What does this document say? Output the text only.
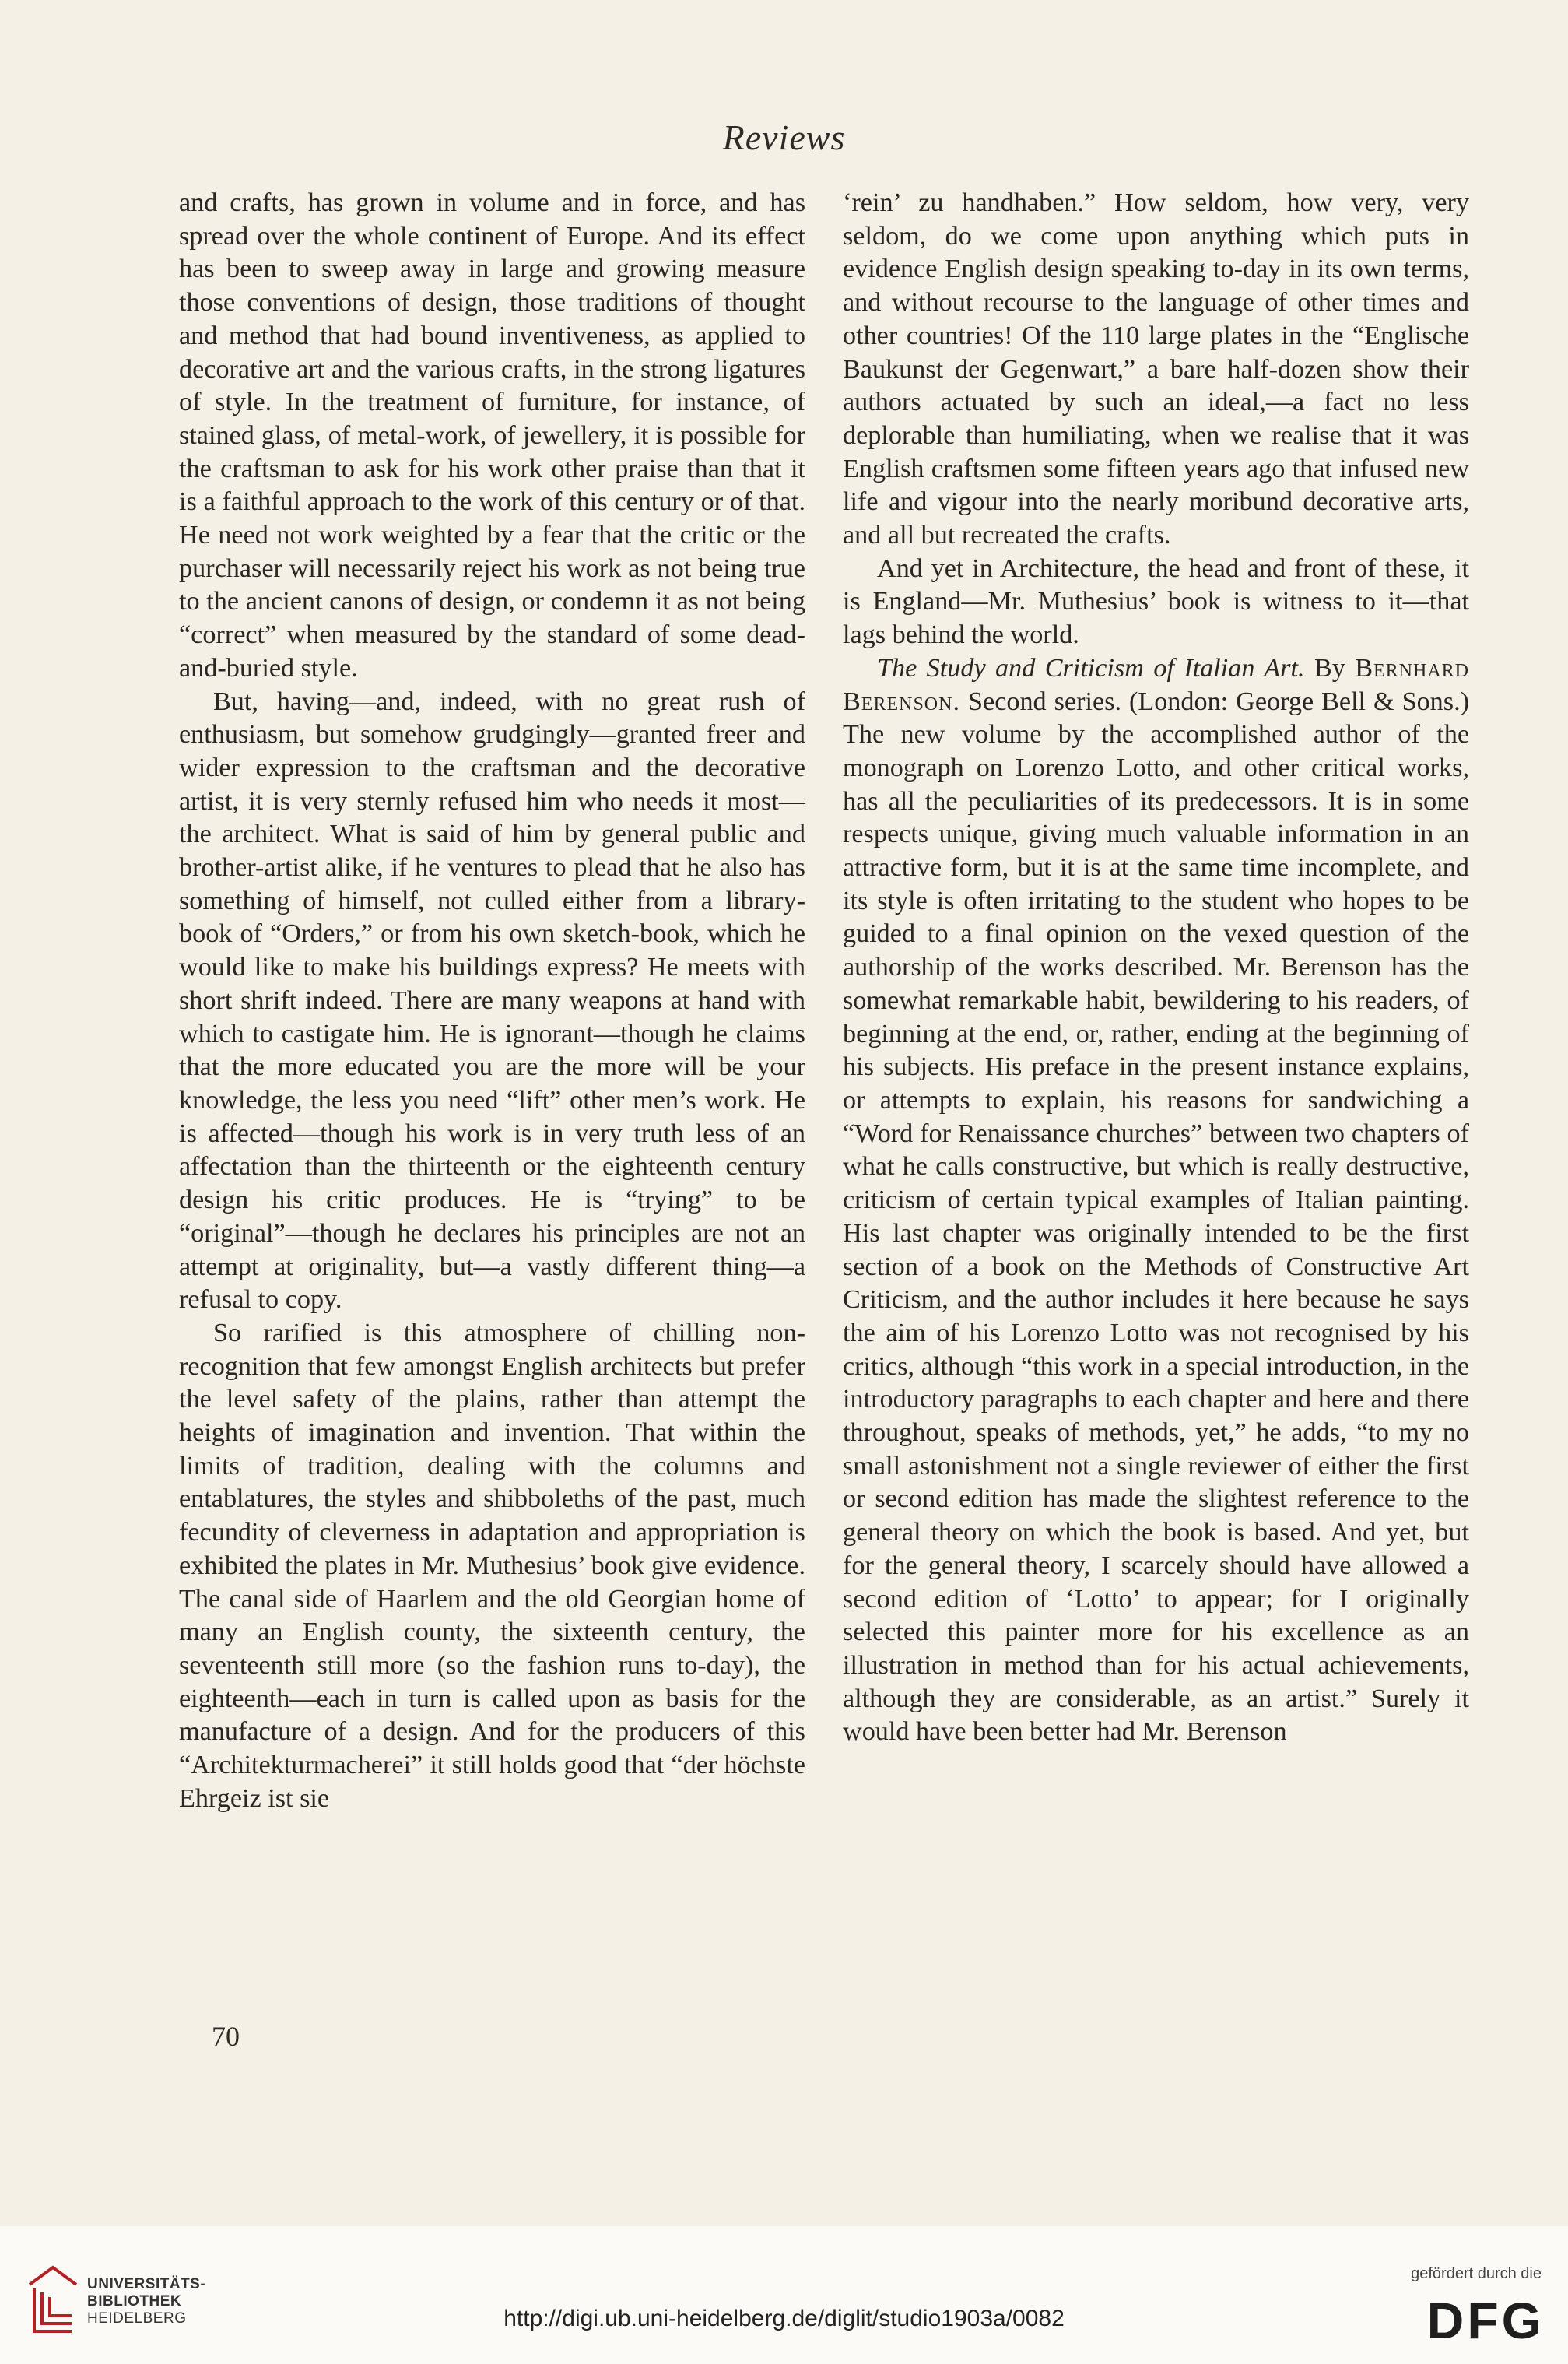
Reviews

and crafts, has grown in volume and in force, and has spread over the whole continent of Europe. And its effect has been to sweep away in large and growing measure those conventions of design, those traditions of thought and method that had bound inventiveness, as applied to decorative art and the various crafts, in the strong ligatures of style. In the treatment of furniture, for instance, of stained glass, of metal-work, of jewellery, it is possible for the craftsman to ask for his work other praise than that it is a faithful approach to the work of this century or of that. He need not work weighted by a fear that the critic or the purchaser will necessarily reject his work as not being true to the ancient canons of design, or condemn it as not being “correct” when measured by the standard of some dead-and-buried style.

But, having—and, indeed, with no great rush of enthusiasm, but somehow grudgingly—granted freer and wider expression to the craftsman and the decorative artist, it is very sternly refused him who needs it most—the architect. What is said of him by general public and brother-artist alike, if he ventures to plead that he also has something of himself, not culled either from a library-book of “Orders,” or from his own sketch-book, which he would like to make his buildings express? He meets with short shrift indeed. There are many weapons at hand with which to castigate him. He is ignorant—though he claims that the more educated you are the more will be your knowledge, the less you need “lift” other men’s work. He is affected—though his work is in very truth less of an affectation than the thirteenth or the eighteenth century design his critic produces. He is “trying” to be “original”—though he declares his principles are not an attempt at originality, but—a vastly different thing—a refusal to copy.

So rarified is this atmosphere of chilling non-recognition that few amongst English architects but prefer the level safety of the plains, rather than attempt the heights of imagination and invention. That within the limits of tradition, dealing with the columns and entablatures, the styles and shibboleths of the past, much fecundity of cleverness in adaptation and appropriation is exhibited the plates in Mr. Muthesius’ book give evidence. The canal side of Haarlem and the old Georgian home of many an English county, the sixteenth century, the seventeenth still more (so the fashion runs to-day), the eighteenth—each in turn is called upon as basis for the manufacture of a design. And for the producers of this “Architekturmacherei” it still holds good that “der höchste Ehrgeiz ist sie

‘rein’ zu handhaben.” How seldom, how very, very seldom, do we come upon anything which puts in evidence English design speaking to-day in its own terms, and without recourse to the language of other times and other countries! Of the 110 large plates in the “Englische Baukunst der Gegenwart,” a bare half-dozen show their authors actuated by such an ideal,—a fact no less deplorable than humiliating, when we realise that it was English craftsmen some fifteen years ago that infused new life and vigour into the nearly moribund decorative arts, and all but recreated the crafts.

And yet in Architecture, the head and front of these, it is England—Mr. Muthesius’ book is witness to it—that lags behind the world.

The Study and Criticism of Italian Art. By Bernhard Berenson. Second series. (London: George Bell & Sons.) The new volume by the accomplished author of the monograph on Lorenzo Lotto, and other critical works, has all the peculiarities of its predecessors. It is in some respects unique, giving much valuable information in an attractive form, but it is at the same time incomplete, and its style is often irritating to the student who hopes to be guided to a final opinion on the vexed question of the authorship of the works described. Mr. Berenson has the somewhat remarkable habit, bewildering to his readers, of beginning at the end, or, rather, ending at the beginning of his subjects. His preface in the present instance explains, or attempts to explain, his reasons for sandwiching a “Word for Renaissance churches” between two chapters of what he calls constructive, but which is really destructive, criticism of certain typical examples of Italian painting. His last chapter was originally intended to be the first section of a book on the Methods of Constructive Art Criticism, and the author includes it here because he says the aim of his Lorenzo Lotto was not recognised by his critics, although “this work in a special introduction, in the introductory paragraphs to each chapter and here and there throughout, speaks of methods, yet,” he adds, “to my no small astonishment not a single reviewer of either the first or second edition has made the slightest reference to the general theory on which the book is based. And yet, but for the general theory, I scarcely should have allowed a second edition of ‘Lotto’ to appear; for I originally selected this painter more for his excellence as an illustration in method than for his actual achievements, although they are considerable, as an artist.” Surely it would have been better had Mr. Berenson

70
UNIVERSITÄTS-
BIBLIOTHEK
HEIDELBERG	http://digi.ub.uni-heidelberg.de/diglit/studio1903a/0082
gefördert durch die
DFG
